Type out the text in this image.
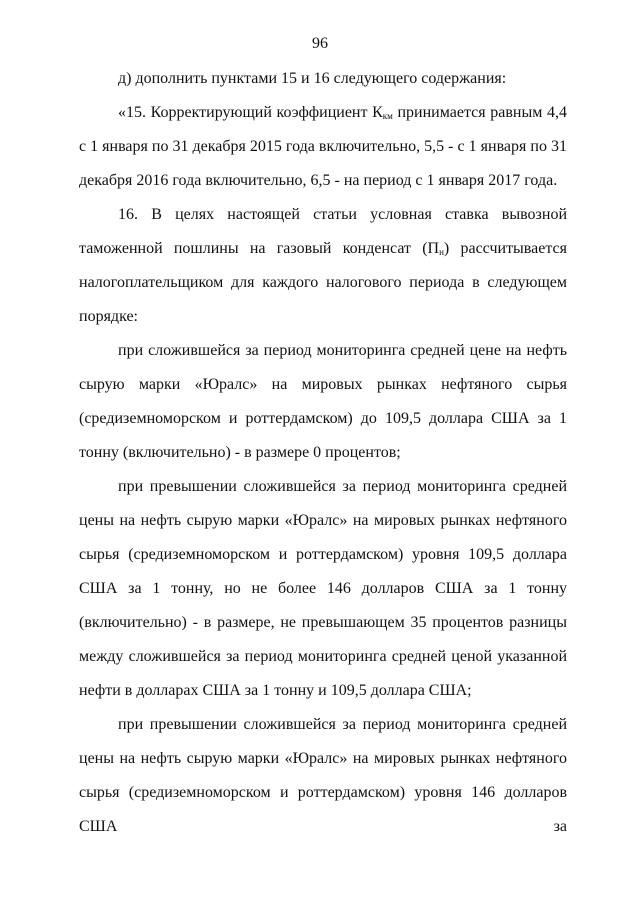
96

д) дополнить пунктами 15 и 16 следующего содержания:

«15. Корректирующий коэффициент $К_{км}$ принимается равным 4,4 с 1 января по 31 декабря 2015 года включительно, 5,5 - с 1 января по 31 декабря 2016 года включительно, 6,5 - на период с 1 января 2017 года.

16. В целях настоящей статьи условная ставка вывозной таможенной пошлины на газовый конденсат $(П_н)$ рассчитывается налогоплательщиком для каждого налогового периода в следующем порядке:

при сложившейся за период мониторинга средней цене на нефть сырую марки «Юралс» на мировых рынках нефтяного сырья (средиземноморском и роттердамском) до 109,5 доллара США за 1 тонну (включительно) - в размере 0 процентов;

при превышении сложившейся за период мониторинга средней цены на нефть сырую марки «Юралс» на мировых рынках нефтяного сырья (средиземноморском и роттердамском) уровня 109,5 доллара США за 1 тонну, но не более 146 долларов США за 1 тонну (включительно) - в размере, не превышающем 35 процентов разницы между сложившейся за период мониторинга средней ценой указанной нефти в долларах США за 1 тонну и 109,5 доллара США;

при превышении сложившейся за период мониторинга средней цены на нефть сырую марки «Юралс» на мировых рынках нефтяного сырья (средиземноморском и роттердамском) уровня 146 долларов США за
